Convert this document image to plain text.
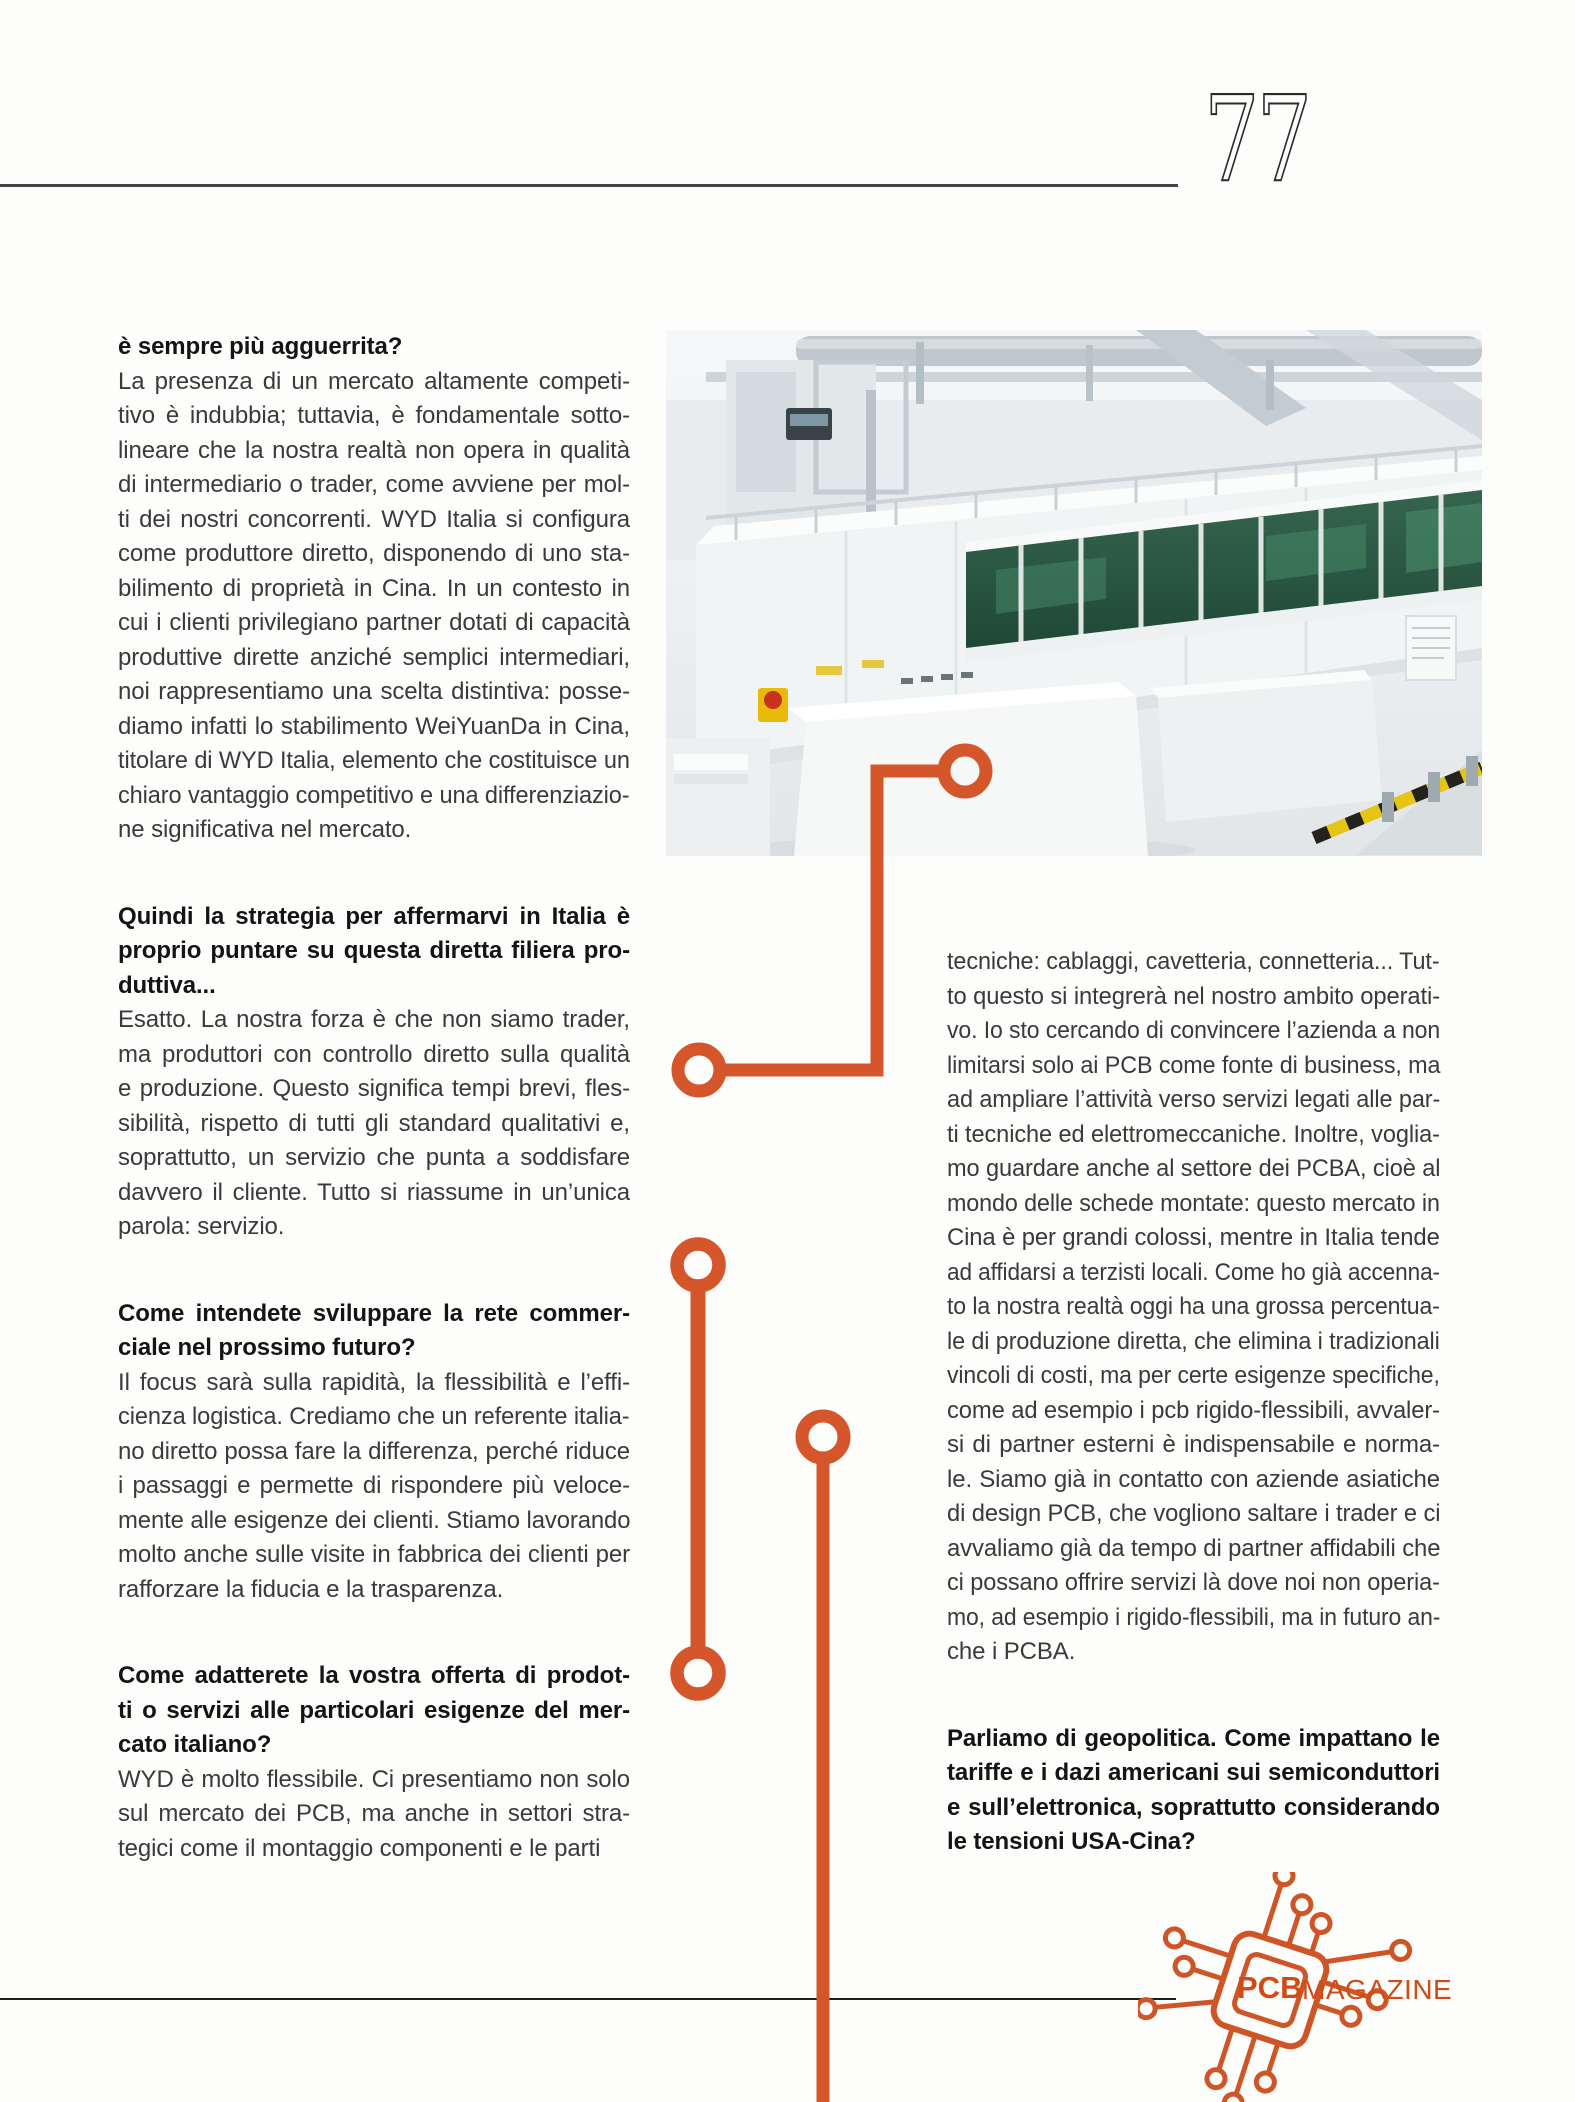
77
è sempre più agguerrita?
La presenza di un mercato altamente competi-
tivo è indubbia; tuttavia, è fondamentale sotto-
lineare che la nostra realtà non opera in qualità
di intermediario o trader, come avviene per mol-
ti dei nostri concorrenti. WYD Italia si configura
come produttore diretto, disponendo di uno sta-
bilimento di proprietà in Cina. In un contesto in
cui i clienti privilegiano partner dotati di capacità
produttive dirette anziché semplici intermediari,
noi rappresentiamo una scelta distintiva: posse-
diamo infatti lo stabilimento WeiYuanDa in Cina,
titolare di WYD Italia, elemento che costituisce un
chiaro vantaggio competitivo e una differenziazio-
ne significativa nel mercato.
Quindi la strategia per affermarvi in Italia è
proprio puntare su questa diretta filiera pro-
duttiva...
Esatto. La nostra forza è che non siamo trader,
ma produttori con controllo diretto sulla qualità
e produzione. Questo significa tempi brevi, fles-
sibilità, rispetto di tutti gli standard qualitativi e,
soprattutto, un servizio che punta a soddisfare
davvero il cliente. Tutto si riassume in un’unica
parola: servizio.
Come intendete sviluppare la rete commer-
ciale nel prossimo futuro?
Il focus sarà sulla rapidità, la flessibilità e l’effi-
cienza logistica. Crediamo che un referente italia-
no diretto possa fare la differenza, perché riduce
i passaggi e permette di rispondere più veloce-
mente alle esigenze dei clienti. Stiamo lavorando
molto anche sulle visite in fabbrica dei clienti per
rafforzare la fiducia e la trasparenza.
Come adatterete la vostra offerta di prodot-
ti o servizi alle particolari esigenze del mer-
cato italiano?
WYD è molto flessibile. Ci presentiamo non solo
sul mercato dei PCB, ma anche in settori stra-
tegici come il montaggio componenti e le parti
tecniche: cablaggi, cavetteria, connetteria... Tut-
to questo si integrerà nel nostro ambito operati-
vo. Io sto cercando di convincere l’azienda a non
limitarsi solo ai PCB come fonte di business, ma
ad ampliare l’attività verso servizi legati alle par-
ti tecniche ed elettromeccaniche. Inoltre, voglia-
mo guardare anche al settore dei PCBA, cioè al
mondo delle schede montate: questo mercato in
Cina è per grandi colossi, mentre in Italia tende
ad affidarsi a terzisti locali. Come ho già accenna-
to la nostra realtà oggi ha una grossa percentua-
le di produzione diretta, che elimina i tradizionali
vincoli di costi, ma per certe esigenze specifiche,
come ad esempio i pcb rigido-flessibili, avvaler-
si di partner esterni è indispensabile e norma-
le. Siamo già in contatto con aziende asiatiche
di design PCB, che vogliono saltare i trader e ci
avvaliamo già da tempo di partner affidabili che
ci possano offrire servizi là dove noi non operia-
mo, ad esempio i rigido-flessibili, ma in futuro an-
che i PCBA.
Parliamo di geopolitica. Come impattano le
tariffe e i dazi americani sui semiconduttori
e sull’elettronica, soprattutto considerando
le tensioni USA-Cina?
PCB MAGAZINE
